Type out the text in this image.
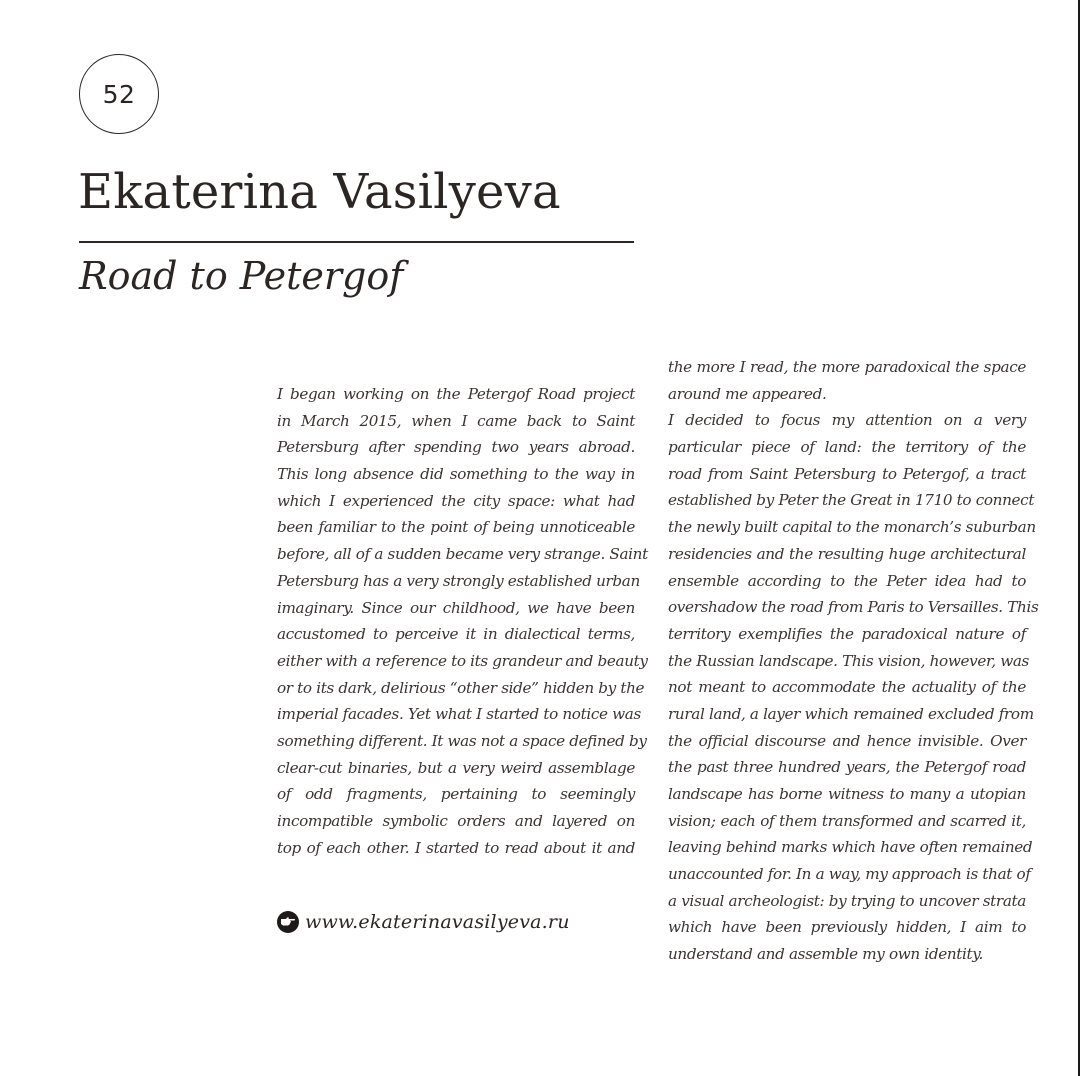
52
Ekaterina Vasilyeva
Road to Petergof
I began working on the Petergof Road project
in March 2015, when I came back to Saint
Petersburg after spending two years abroad.
This long absence did something to the way in
which I experienced the city space: what had
been familiar to the point of being unnoticeable
before, all of a sudden became very strange. Saint
Petersburg has a very strongly established urban
imaginary. Since our childhood, we have been
accustomed to perceive it in dialectical terms,
either with a reference to its grandeur and beauty
or to its dark, delirious “other side” hidden by the
imperial facades. Yet what I started to notice was
something different. It was not a space defined by
clear-cut binaries, but a very weird assemblage
of odd fragments, pertaining to seemingly
incompatible symbolic orders and layered on
top of each other. I started to read about it and
the more I read, the more paradoxical the space
around me appeared.
I decided to focus my attention on a very
particular piece of land: the territory of the
road from Saint Petersburg to Petergof, a tract
established by Peter the Great in 1710 to connect
the newly built capital to the monarch’s suburban
residencies and the resulting huge architectural
ensemble according to the Peter idea had to
overshadow the road from Paris to Versailles. This
territory exemplifies the paradoxical nature of
the Russian landscape. This vision, however, was
not meant to accommodate the actuality of the
rural land, a layer which remained excluded from
the official discourse and hence invisible. Over
the past three hundred years, the Petergof road
landscape has borne witness to many a utopian
vision; each of them transformed and scarred it,
leaving behind marks which have often remained
unaccounted for. In a way, my approach is that of
a visual archeologist: by trying to uncover strata
which have been previously hidden, I aim to
understand and assemble my own identity.
www.ekaterinavasilyeva.ru
